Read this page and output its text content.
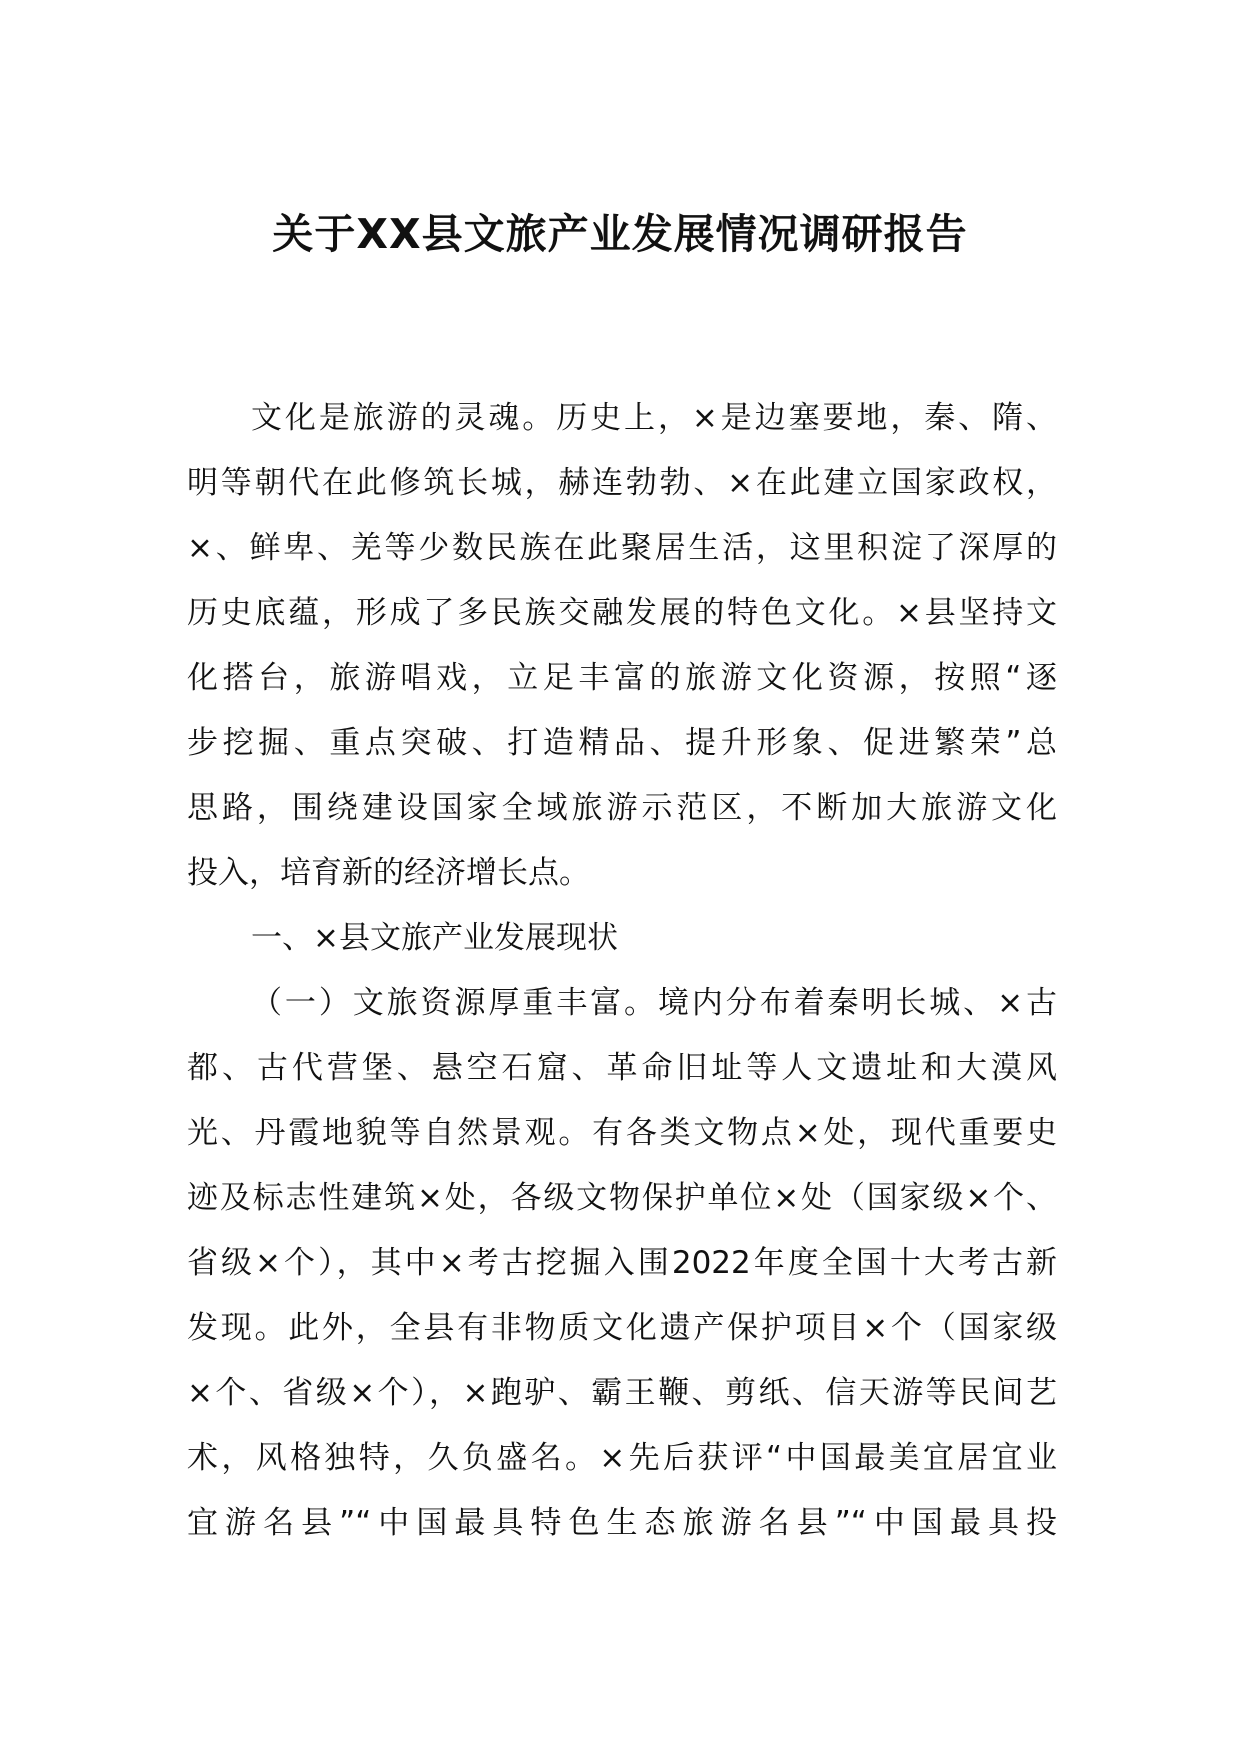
关于XX县文旅产业发展情况调研报告
文化是旅游的灵魂。历史上，×是边塞要地，秦、隋、
明等朝代在此修筑长城，赫连勃勃、×在此建立国家政权，
×、鲜卑、羌等少数民族在此聚居生活，这里积淀了深厚的
历史底蕴，形成了多民族交融发展的特色文化。×县坚持文
化搭台，旅游唱戏，立足丰富的旅游文化资源，按照“逐
步挖掘、重点突破、打造精品、提升形象、促进繁荣”总
思路，围绕建设国家全域旅游示范区，不断加大旅游文化
投入，培育新的经济增长点。
一、×县文旅产业发展现状
（一）文旅资源厚重丰富。境内分布着秦明长城、×古
都、古代营堡、悬空石窟、革命旧址等人文遗址和大漠风
光、丹霞地貌等自然景观。有各类文物点×处，现代重要史
迹及标志性建筑×处，各级文物保护单位×处（国家级×个、
省级×个），其中×考古挖掘入围2022年度全国十大考古新
发现。此外，全县有非物质文化遗产保护项目×个（国家级
×个、省级×个），×跑驴、霸王鞭、剪纸、信天游等民间艺
术，风格独特，久负盛名。×先后获评“中国最美宜居宜业
宜游名县”“中国最具特色生态旅游名县”“中国最具投
